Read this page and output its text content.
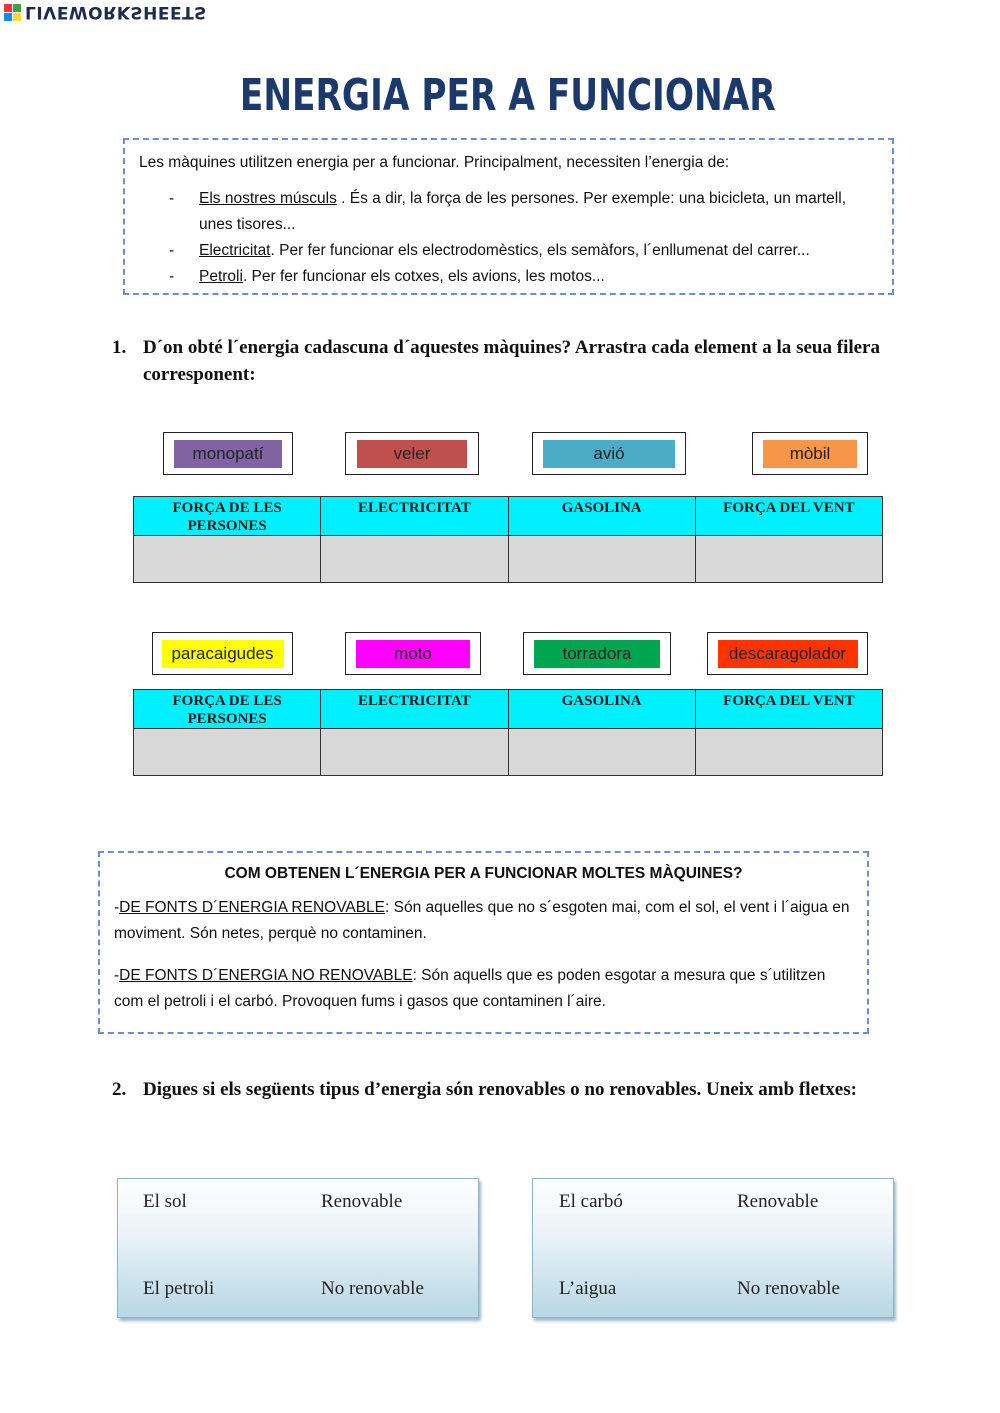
LIVEWORKSHEETS
ENERGIA PER A FUNCIONAR

Les màquines utilitzen energia per a funcionar. Principalment, necessiten l’energia de:

- Els nostres músculs . És a dir, la força de les persones. Per exemple: una bicicleta, un martell, unes tisores...
- Electricitat. Per fer funcionar els electrodomèstics, els semàfors, l´enllumenat del carrer...
- Petroli. Per fer funcionar els cotxes, els avions, les motos...
1. D´on obté l´energia cadascuna d´aquestes màquines? Arrastra cada element a la seua filera corresponent:
monopatí	veler	avió	mòbil
FORÇA DE LES PERSONES	ELECTRICITAT	GASOLINA	FORÇA DEL VENT

paracaigudes	moto	torradora	descaragolador
FORÇA DE LES PERSONES	ELECTRICITAT	GASOLINA	FORÇA DEL VENT

COM OBTENEN L´ENERGIA PER A FUNCIONAR MOLTES MÀQUINES?

-DE FONTS D´ENERGIA RENOVABLE: Són aquelles que no s´esgoten mai, com el sol, el vent i l´aigua en moviment. Són netes, perquè no contaminen.

-DE FONTS D´ENERGIA NO RENOVABLE: Són aquells que es poden esgotar a mesura que s´utilitzen com el petroli i el carbó. Provoquen fums i gasos que contaminen l´aire.

2. Digues si els següents tipus d’energia són renovables o no renovables. Uneix amb fletxes:
El sol	Renovable
El petroli	No renovable
El carbó	Renovable
L’aigua	No renovable
